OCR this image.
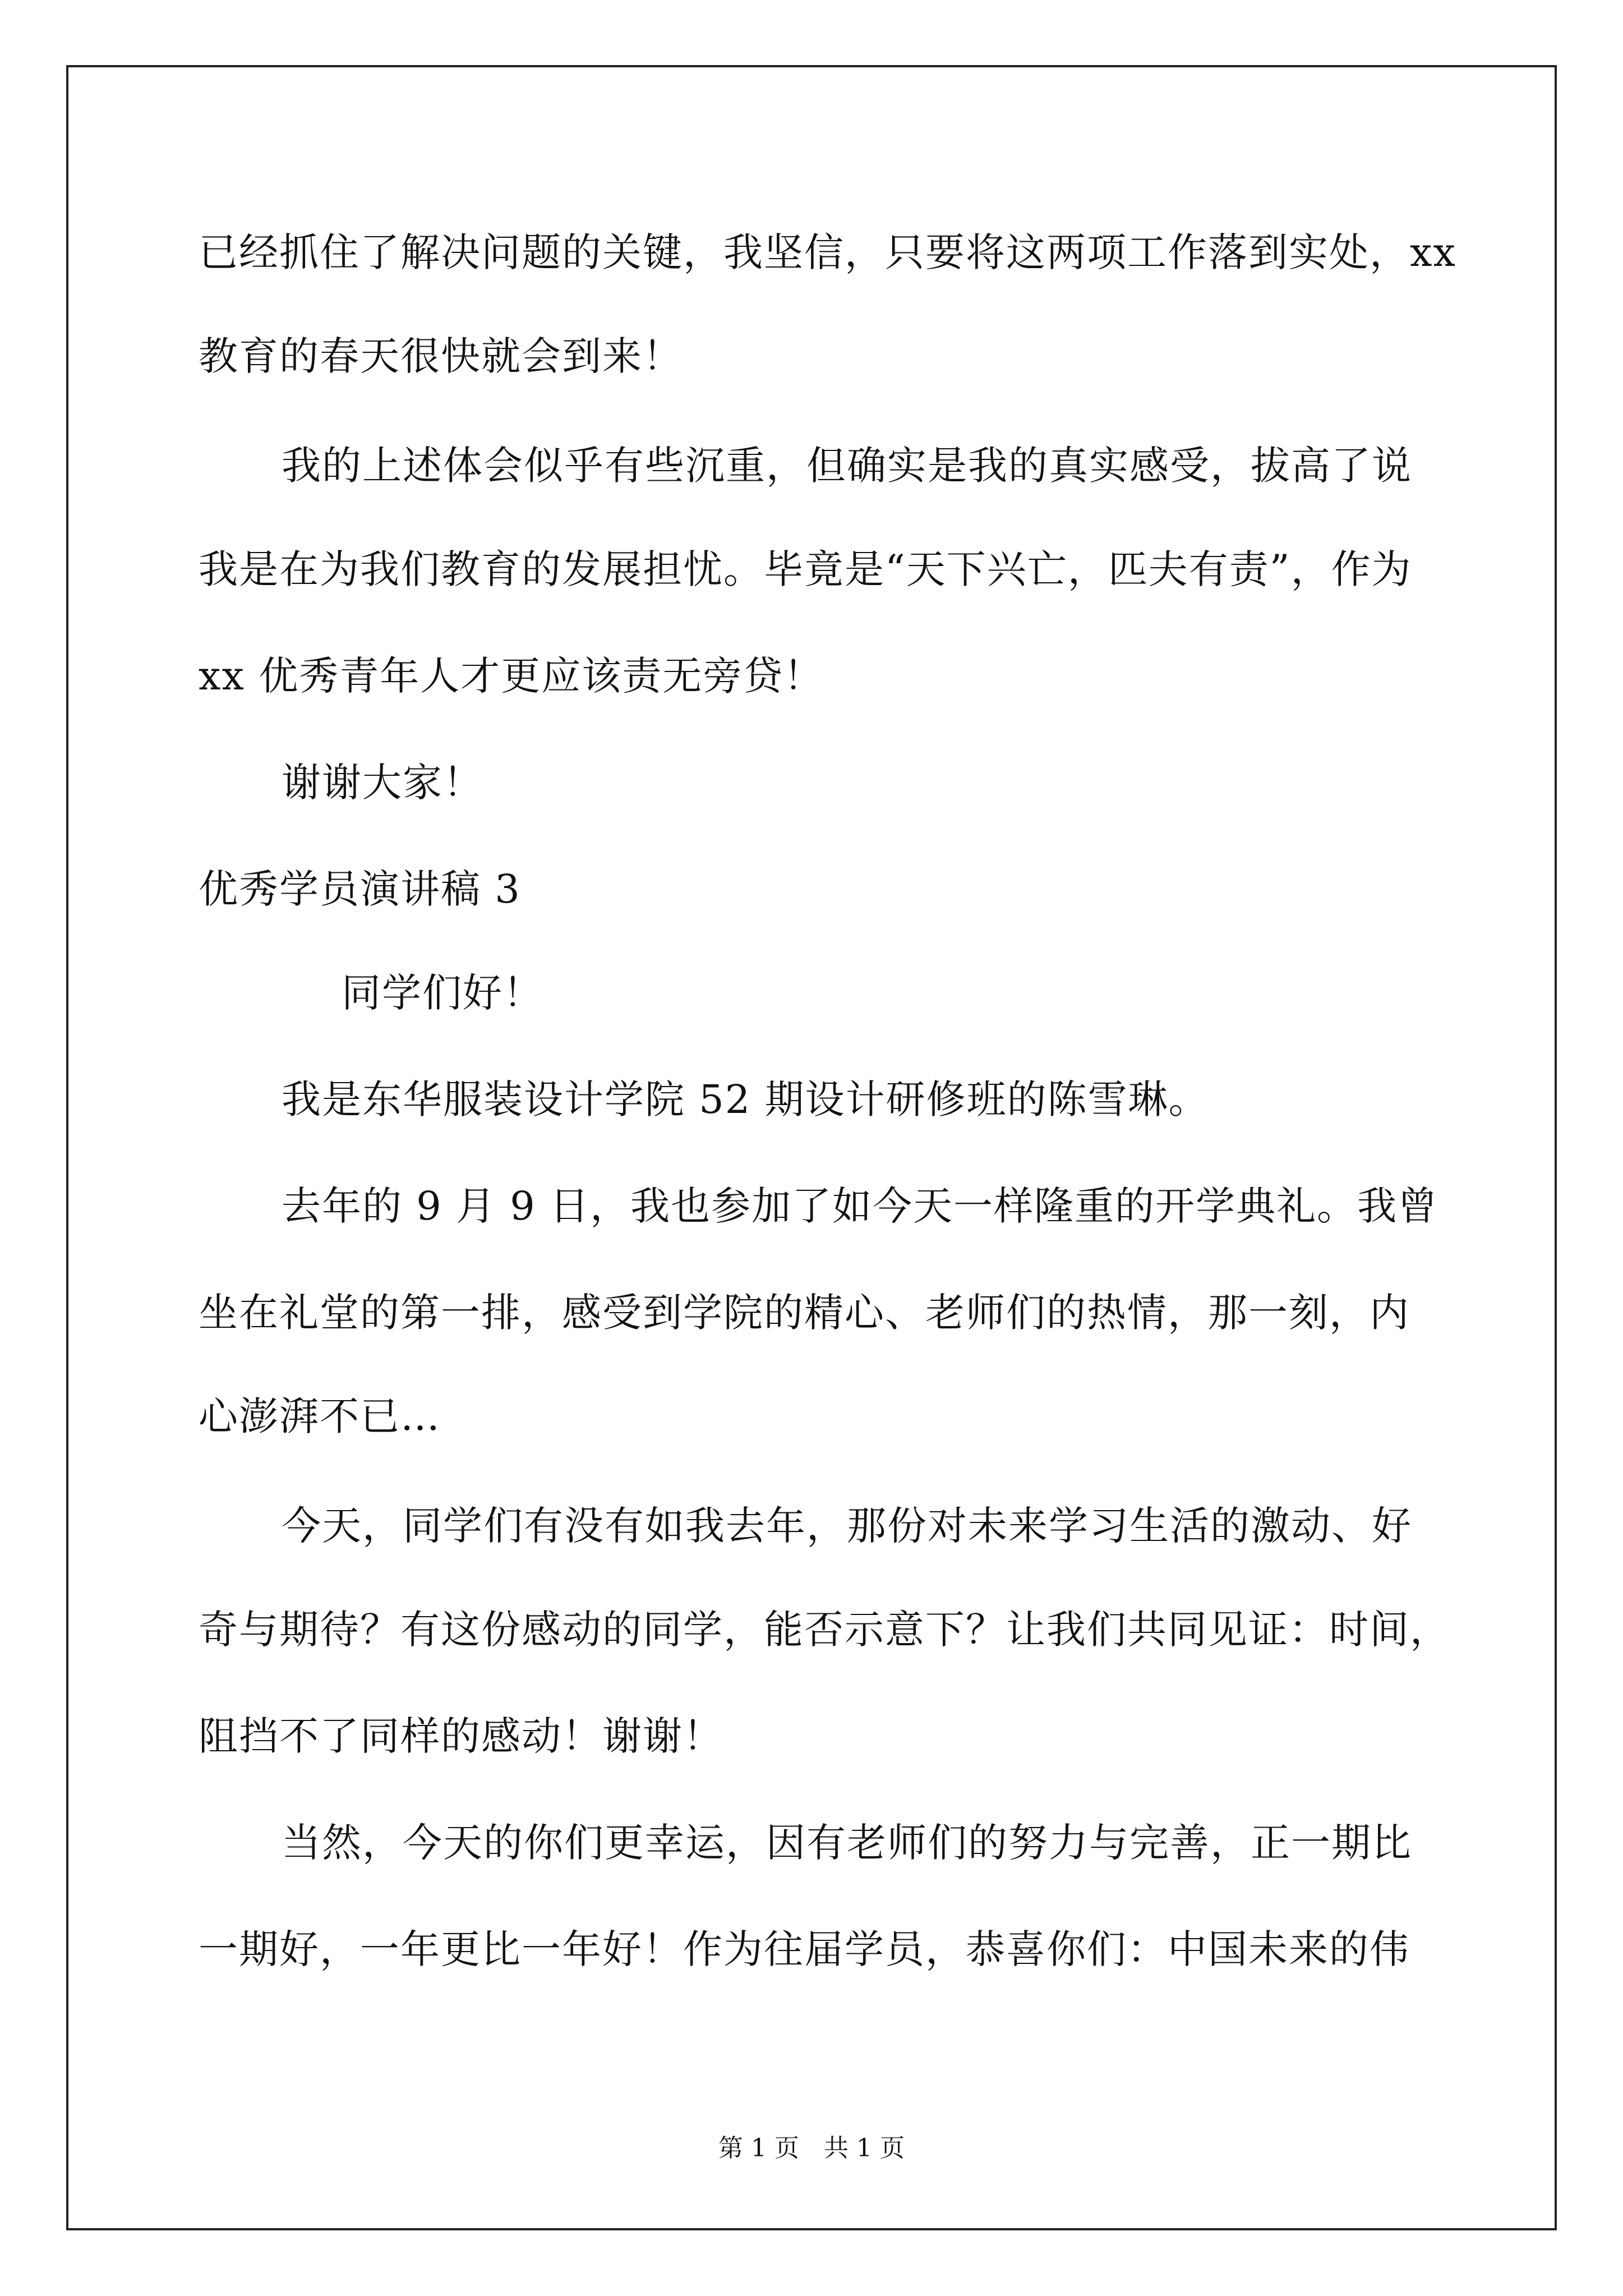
已经抓住了解决问题的关键，我坚信，只要将这两项工作落到实处，xx
教育的春天很快就会到来！
我的上述体会似乎有些沉重，但确实是我的真实感受，拔高了说
我是在为我们教育的发展担忧。毕竟是“天下兴亡，匹夫有责”，作为
xx 优秀青年人才更应该责无旁贷！
谢谢大家！
优秀学员演讲稿 3
同学们好！
我是东华服装设计学院 52 期设计研修班的陈雪琳。
去年的 9 月 9 日，我也参加了如今天一样隆重的开学典礼。我曾
坐在礼堂的第一排，感受到学院的精心、老师们的热情，那一刻，内
心澎湃不已…
今天，同学们有没有如我去年，那份对未来学习生活的激动、好
奇与期待？有这份感动的同学，能否示意下？让我们共同见证：时间，
阻挡不了同样的感动！谢谢！
当然，今天的你们更幸运，因有老师们的努力与完善，正一期比
一期好，一年更比一年好！作为往届学员，恭喜你们：中国未来的伟
第 1 页　共 1 页
